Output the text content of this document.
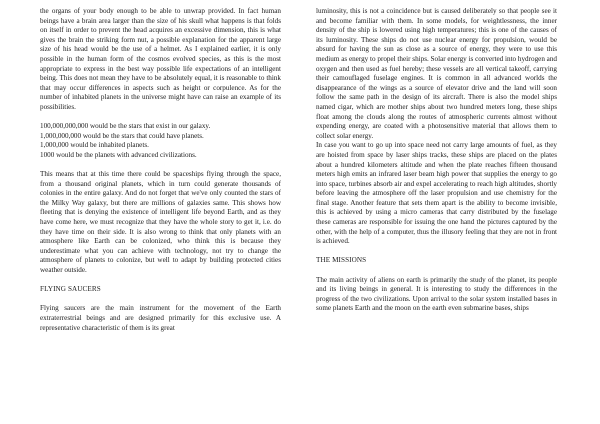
the organs of your body enough to be able to unwrap provided. In fact human beings have a brain area larger than the size of his skull what happens is that folds on itself in order to prevent the head acquires an excessive dimension, this is what gives the brain the striking form nut, a possible explanation for the apparent large size of his head would be the use of a helmet. As I explained earlier, it is only possible in the human form of the cosmos evolved species, as this is the most appropriate to express in the best way possible life expectations of an intelligent being. This does not mean they have to be absolutely equal, it is reasonable to think that may occur differences in aspects such as height or corpulence. As for the number of inhabited planets in the universe might have can raise an example of its possibilities.

100,000,000,000 would be the stars that exist in our galaxy.
1,000,000,000 would be the stars that could have planets.
1,000,000 would be inhabited planets.
1000 would be the planets with advanced civilizations.

This means that at this time there could be spaceships flying through the space, from a thousand original planets, which in turn could generate thousands of colonies in the entire galaxy. And do not forget that we've only counted the stars of the Milky Way galaxy, but there are millions of galaxies same. This shows how fleeting that is denying the existence of intelligent life beyond Earth, and as they have come here, we must recognize that they have the whole story to get it, i.e. do they have time on their side. It is also wrong to think that only planets with an atmosphere like Earth can be colonized, who think this is because they underestimate what you can achieve with technology, not try to change the atmosphere of planets to colonize, but well to adapt by building protected cities weather outside.

FLYING SAUCERS

Flying saucers are the main instrument for the movement of the Earth extraterrestrial beings and are designed primarily for this exclusive use. A representative characteristic of them is its great

luminosity, this is not a coincidence but is caused deliberately so that people see it and become familiar with them. In some models, for weightlessness, the inner density of the ship is lowered using high temperatures; this is one of the causes of its luminosity. These ships do not use nuclear energy for propulsion, would be absurd for having the sun as close as a source of energy, they were to use this medium as energy to propel their ships. Solar energy is converted into hydrogen and oxygen and then used as fuel hereby; these vessels are all vertical takeoff, carrying their camouflaged fuselage engines. It is common in all advanced worlds the disappearance of the wings as a source of elevator drive and the land will soon follow the same path in the design of its aircraft. There is also the model ships named cigar, which are mother ships about two hundred meters long, these ships float among the clouds along the routes of atmospheric currents almost without expending energy, are coated with a photosensitive material that allows them to collect solar energy.

In case you want to go up into space need not carry large amounts of fuel, as they are hoisted from space by laser ships tracks, these ships are placed on the plates about a hundred kilometers altitude and when the plate reaches fifteen thousand meters high emits an infrared laser beam high power that supplies the energy to go into space, turbines absorb air and expel accelerating to reach high altitudes, shortly before leaving the atmosphere off the laser propulsion and use chemistry for the final stage. Another feature that sets them apart is the ability to become invisible, this is achieved by using a micro cameras that carry distributed by the fuselage these cameras are responsible for issuing the one hand the pictures captured by the other, with the help of a computer, thus the illusory feeling that they are not in front is achieved.

THE MISSIONS

The main activity of aliens on earth is primarily the study of the planet, its people and its living beings in general. It is interesting to study the differences in the progress of the two civilizations. Upon arrival to the solar system installed bases in some planets Earth and the moon on the earth even submarine bases, ships
